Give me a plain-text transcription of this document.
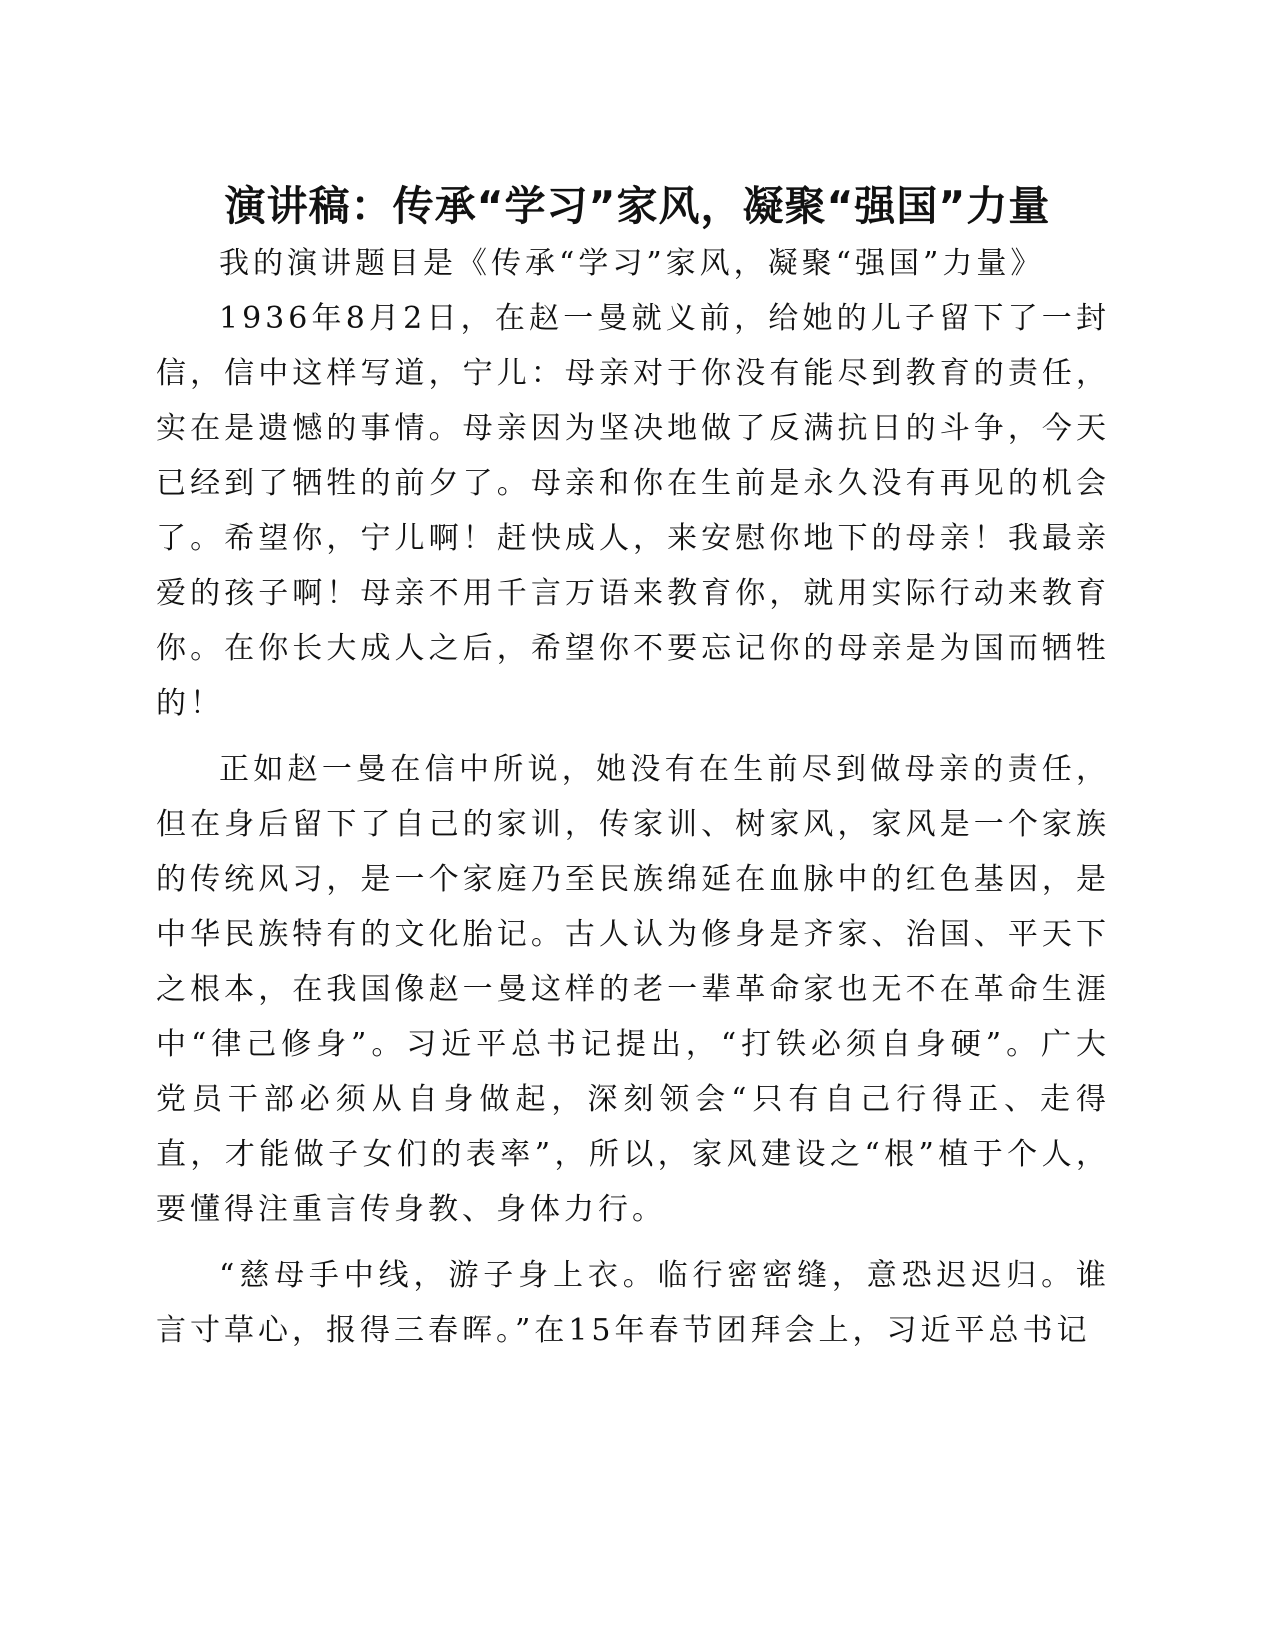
演讲稿：传承“学习”家风，凝聚“强国”力量

我的演讲题目是《传承“学习”家风，凝聚“强国”力量》

1936年8月2日，在赵一曼就义前，给她的儿子留下了一封信，信中这样写道，宁儿：母亲对于你没有能尽到教育的责任，实在是遗憾的事情。母亲因为坚决地做了反满抗日的斗争，今天已经到了牺牲的前夕了。母亲和你在生前是永久没有再见的机会了。希望你，宁儿啊！赶快成人，来安慰你地下的母亲！我最亲爱的孩子啊！母亲不用千言万语来教育你，就用实际行动来教育你。在你长大成人之后，希望你不要忘记你的母亲是为国而牺牲的！

正如赵一曼在信中所说，她没有在生前尽到做母亲的责任，但在身后留下了自己的家训，传家训、树家风，家风是一个家族的传统风习，是一个家庭乃至民族绵延在血脉中的红色基因，是中华民族特有的文化胎记。古人认为修身是齐家、治国、平天下之根本，在我国像赵一曼这样的老一辈革命家也无不在革命生涯中“律己修身”。习近平总书记提出，“打铁必须自身硬”。广大党员干部必须从自身做起，深刻领会“只有自己行得正、走得直，才能做子女们的表率”，所以，家风建设之“根”植于个人，要懂得注重言传身教、身体力行。

“慈母手中线，游子身上衣。临行密密缝，意恐迟迟归。谁言寸草心，报得三春晖。”在15年春节团拜会上，习近平总书记
